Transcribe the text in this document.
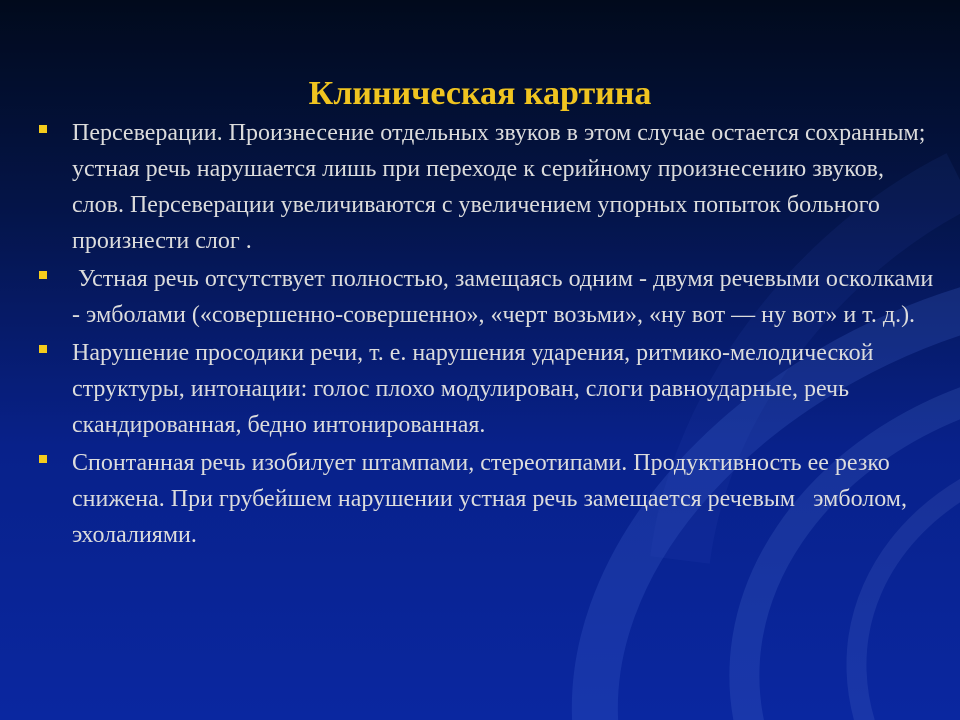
Клиническая картина
Персеверации. Произнесение отдельных звуков в этом случае остается сохранным; устная речь нарушается лишь при переходе к серийному произнесению звуков, слов. Персеверации увеличиваются с увеличением упорных попыток больного произнести слог .
Устная речь отсутствует полностью, замещаясь одним - двумя речевыми осколками - эмболами («совершенно-совершенно», «черт возьми», «ну вот — ну вот» и т. д.).
Нарушение просодики речи, т. е. нарушения ударения, ритмико-мелодической структуры, интонации: голос плохо модулирован, слоги равноударные, речь скандированная, бедно интонированная.
Спонтанная речь изобилует штампами, стереотипами. Продуктивность ее резко снижена. При грубейшем нарушении устная речь замещается речевым   эмболом,   эхолалиями.
